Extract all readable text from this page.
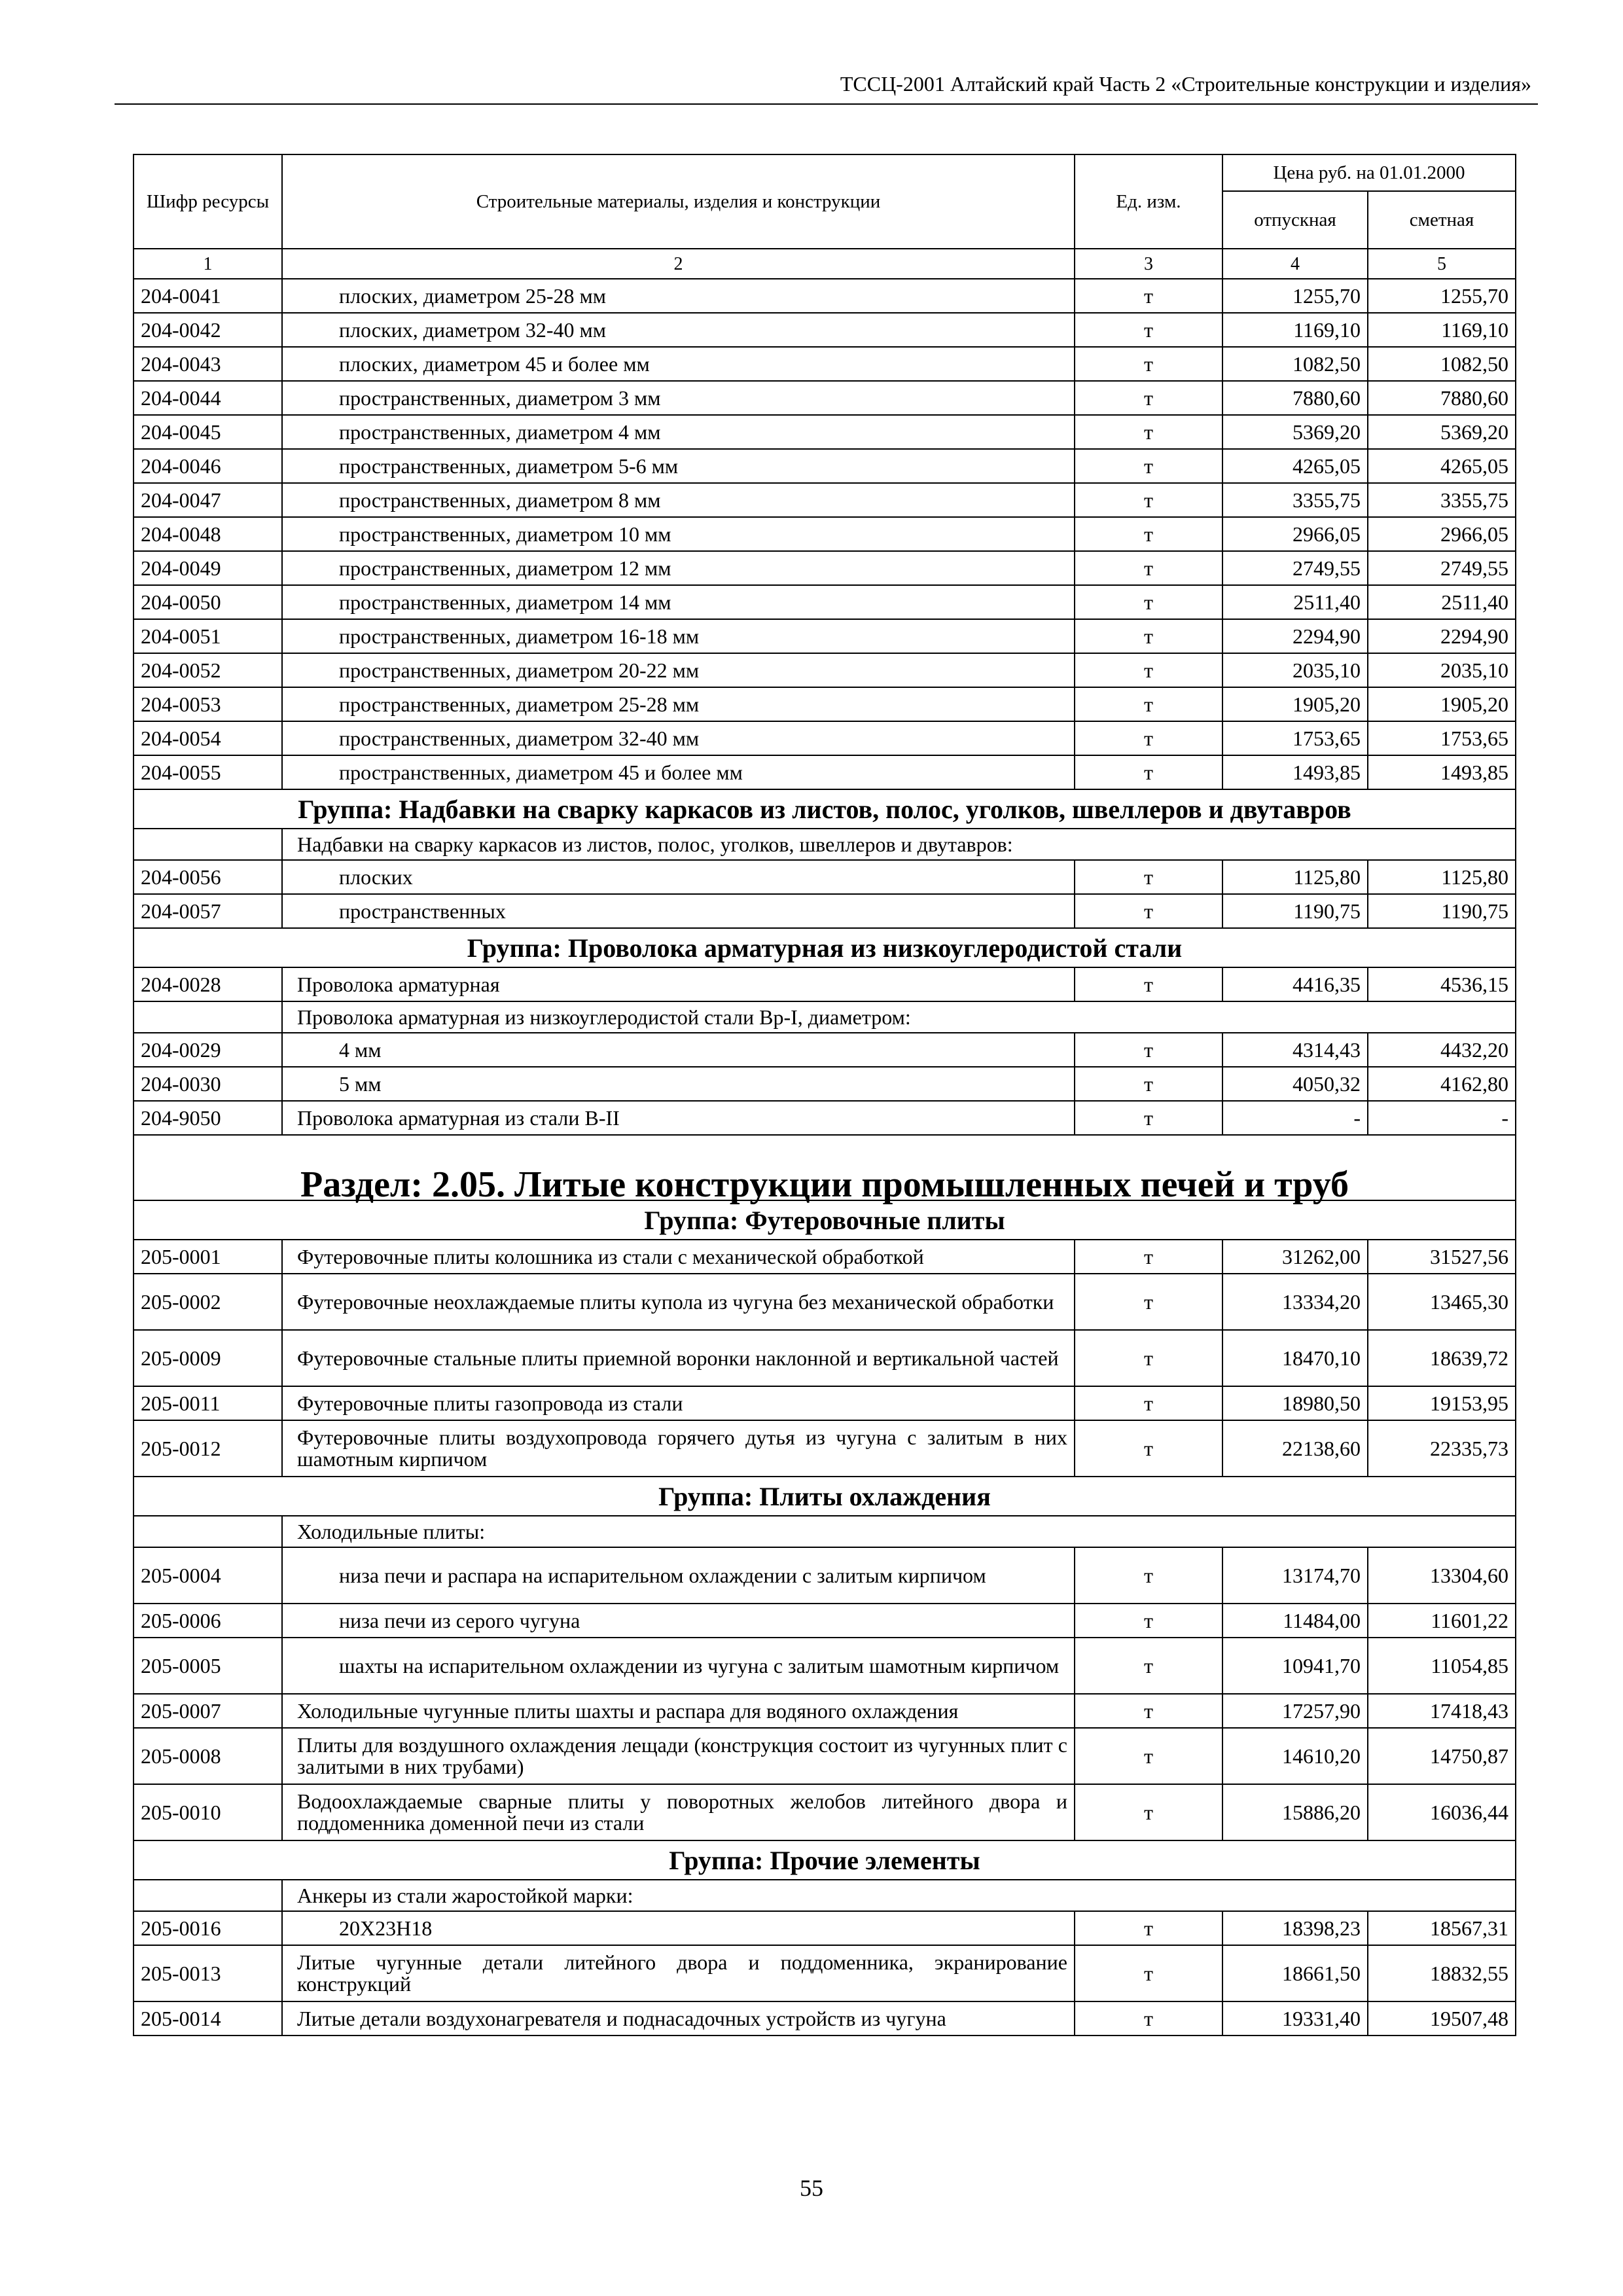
ТССЦ-2001 Алтайский край Часть 2 «Строительные конструкции и изделия»
Шифр ресурсы	Строительные материалы, изделия и конструкции	Ед. изм.	Цена руб. на 01.01.2000	
			отпускная	сметная
1	2	3	4	5
204-0041	плоских, диаметром 25-28 мм	т	1255,70	1255,70
204-0042	плоских, диаметром 32-40 мм	т	1169,10	1169,10
204-0043	плоских, диаметром 45 и более мм	т	1082,50	1082,50
204-0044	пространственных, диаметром 3 мм	т	7880,60	7880,60
204-0045	пространственных, диаметром 4 мм	т	5369,20	5369,20
204-0046	пространственных, диаметром 5-6 мм	т	4265,05	4265,05
204-0047	пространственных, диаметром 8 мм	т	3355,75	3355,75
204-0048	пространственных, диаметром 10 мм	т	2966,05	2966,05
204-0049	пространственных, диаметром 12 мм	т	2749,55	2749,55
204-0050	пространственных, диаметром 14 мм	т	2511,40	2511,40
204-0051	пространственных, диаметром 16-18 мм	т	2294,90	2294,90
204-0052	пространственных, диаметром 20-22 мм	т	2035,10	2035,10
204-0053	пространственных, диаметром 25-28 мм	т	1905,20	1905,20
204-0054	пространственных, диаметром 32-40 мм	т	1753,65	1753,65
204-0055	пространственных, диаметром 45 и более мм	т	1493,85	1493,85
Группа: Надбавки на сварку каркасов из листов, полос, уголков, швеллеров и двутавров				
	Надбавки на сварку каркасов из листов, полос, уголков, швеллеров и двутавров:			
204-0056	плоских	т	1125,80	1125,80
204-0057	пространственных	т	1190,75	1190,75
Группа: Проволока арматурная из низкоуглеродистой стали				
204-0028	Проволока арматурная	т	4416,35	4536,15
	Проволока арматурная из низкоуглеродистой стали Вр-I, диаметром:			
204-0029	4 мм	т	4314,43	4432,20
204-0030	5 мм	т	4050,32	4162,80
204-9050	Проволока арматурная из стали В-II	т	-	-
Раздел: 2.05. Литые конструкции промышленных печей и труб				
Группа: Футеровочные плиты				
205-0001	Футеровочные плиты колошника из стали с механической обработкой	т	31262,00	31527,56
205-0002	Футеровочные неохлаждаемые плиты купола из чугуна без механической обработки	т	13334,20	13465,30
205-0009	Футеровочные стальные плиты приемной воронки наклонной и вертикальной частей	т	18470,10	18639,72
205-0011	Футеровочные плиты газопровода из стали	т	18980,50	19153,95
205-0012	Футеровочные плиты воздухопровода горячего дутья из чугуна с залитым в них шамотным кирпичом	т	22138,60	22335,73
Группа: Плиты охлаждения				
	Холодильные плиты:			
205-0004	низа печи и распара на испарительном охлаждении с залитым кирпичом	т	13174,70	13304,60
205-0006	низа печи из серого чугуна	т	11484,00	11601,22
205-0005	шахты на испарительном охлаждении из чугуна с залитым шамотным кирпичом	т	10941,70	11054,85
205-0007	Холодильные чугунные плиты шахты и распара для водяного охлаждения	т	17257,90	17418,43
205-0008	Плиты для воздушного охлаждения лещади (конструкция состоит из чугунных плит с залитыми в них трубами)	т	14610,20	14750,87
205-0010	Водоохлаждаемые сварные плиты у поворотных желобов литейного двора и поддоменника доменной печи из стали	т	15886,20	16036,44
Группа: Прочие элементы				
	Анкеры из стали жаростойкой марки:			
205-0016	20Х23Н18	т	18398,23	18567,31
205-0013	Литые чугунные детали литейного двора и поддоменника, экранирование конструкций	т	18661,50	18832,55
205-0014	Литые детали воздухонагревателя и поднасадочных устройств из чугуна	т	19331,40	19507,48
55
